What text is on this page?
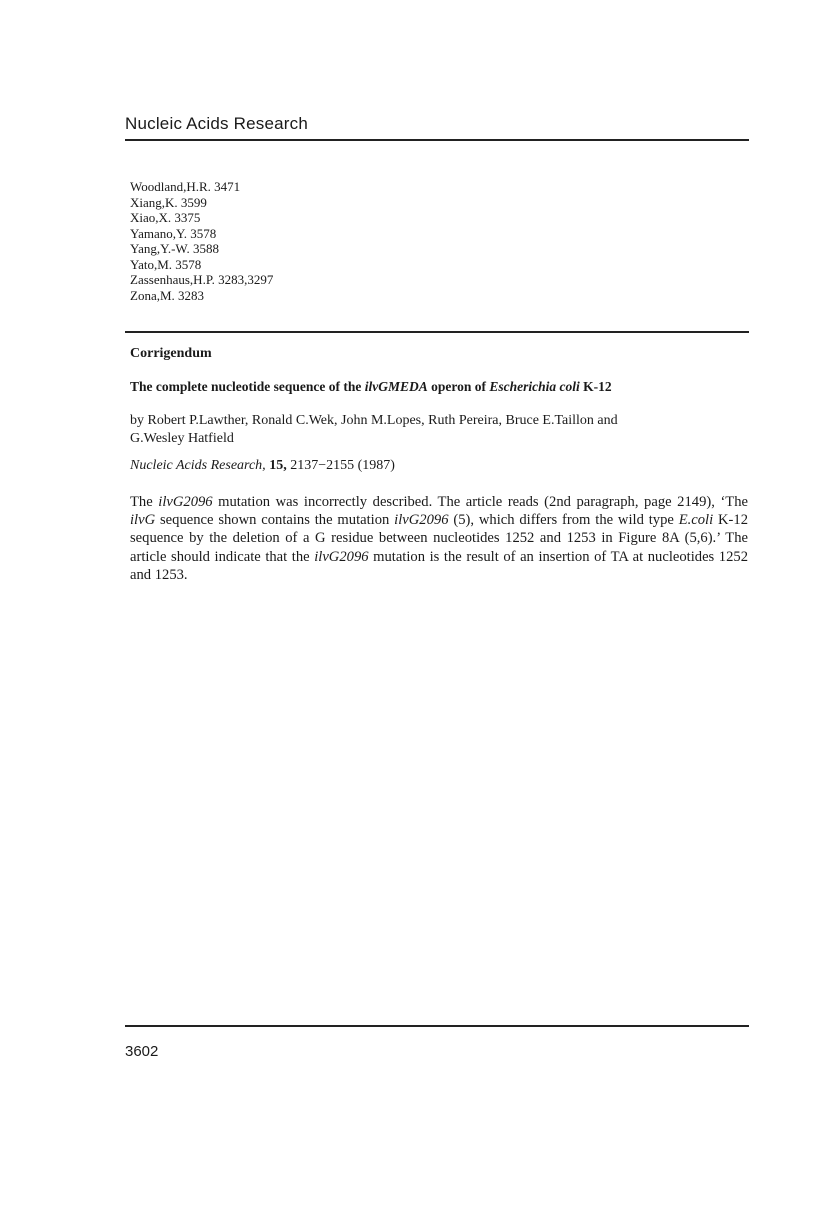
Nucleic Acids Research
Woodland,H.R. 3471
Xiang,K. 3599
Xiao,X. 3375
Yamano,Y. 3578
Yang,Y.-W. 3588
Yato,M. 3578
Zassenhaus,H.P. 3283,3297
Zona,M. 3283
Corrigendum
The complete nucleotide sequence of the ilvGMEDA operon of Escherichia coli K-12
by Robert P.Lawther, Ronald C.Wek, John M.Lopes, Ruth Pereira, Bruce E.Taillon and G.Wesley Hatfield
Nucleic Acids Research, 15, 2137−2155 (1987)
The ilvG2096 mutation was incorrectly described. The article reads (2nd paragraph, page 2149), ‘The ilvG sequence shown contains the mutation ilvG2096 (5), which differs from the wild type E.coli K-12 sequence by the deletion of a G residue between nucleotides 1252 and 1253 in Figure 8A (5,6).’ The article should indicate that the ilvG2096 mutation is the result of an insertion of TA at nucleotides 1252 and 1253.
3602
